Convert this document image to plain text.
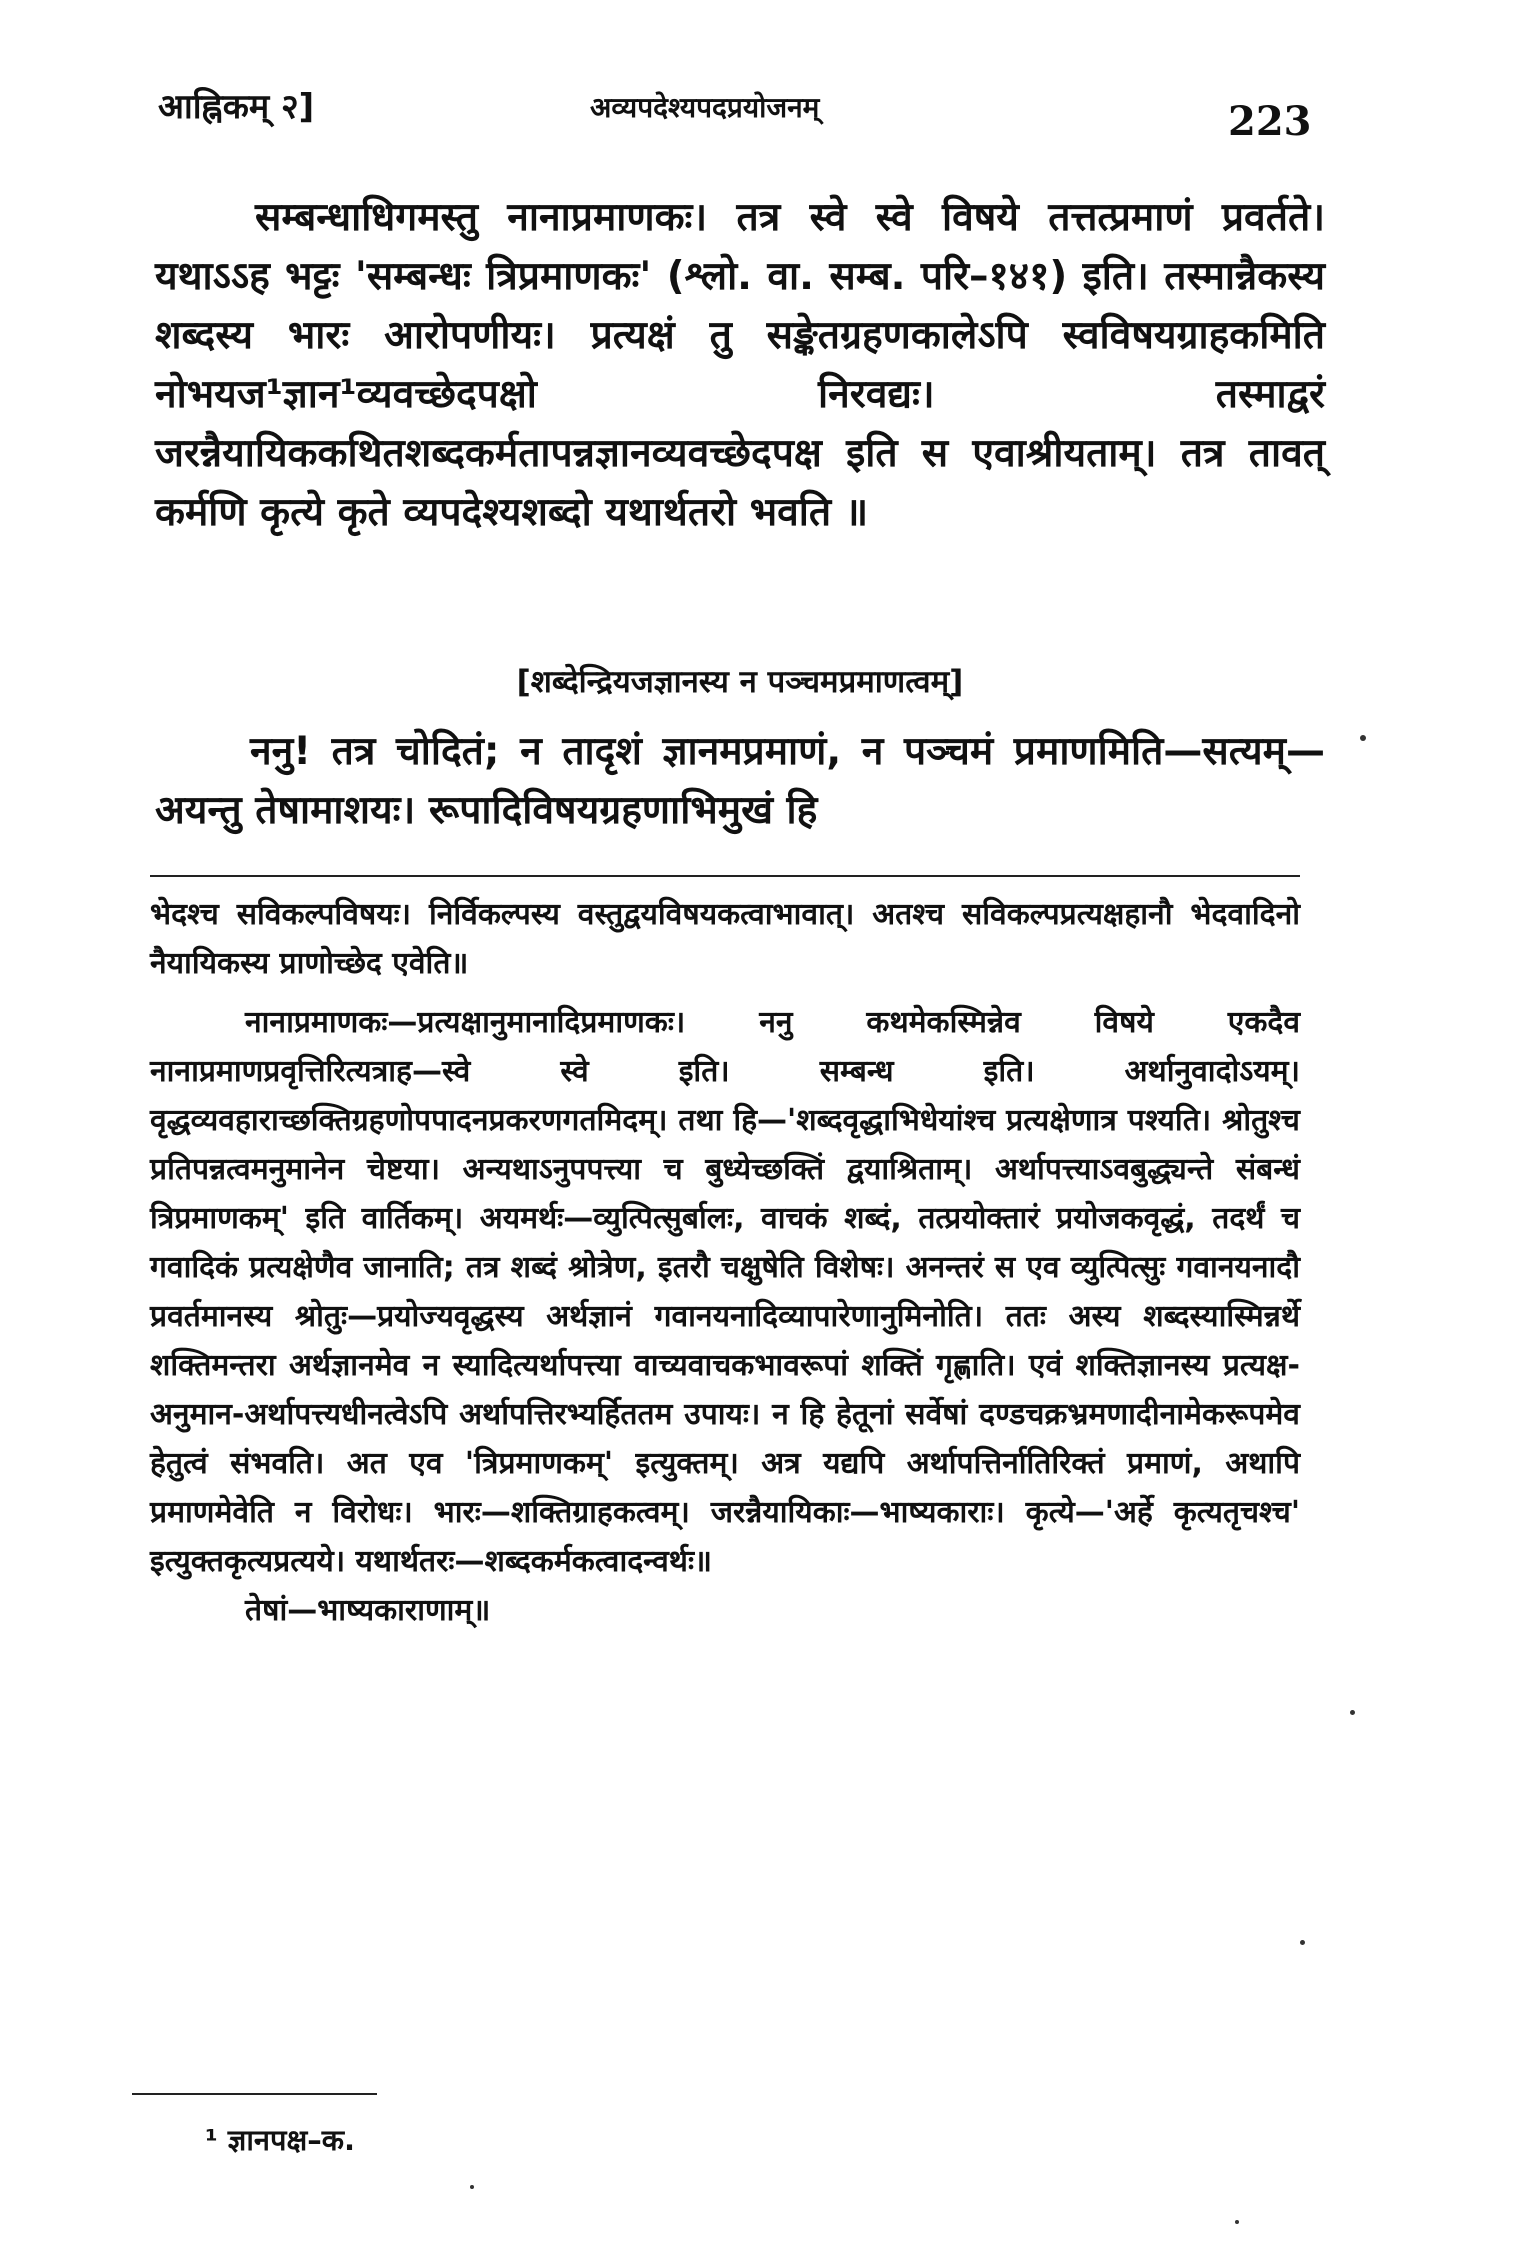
आह्निकम् २]	अव्यपदेश्यपदप्रयोजनम्	223

सम्बन्धाधिगमस्तु नानाप्रमाणकः। तत्र स्वे स्वे विषये तत्तत्प्रमाणं प्रवर्तते। यथाऽऽह भट्टः 'सम्बन्धः त्रिप्रमाणकः' (श्लो. वा. सम्ब. परि–१४१) इति। तस्मान्नैकस्य शब्दस्य भारः आरोपणीयः। प्रत्यक्षं तु सङ्केतग्रहणकालेऽपि स्वविषयग्राहकमिति नोभयज¹ज्ञान¹व्यवच्छेदपक्षो निरवद्यः। तस्माद्वरं जरन्नैयायिककथितशब्दकर्मतापन्नज्ञानव्यवच्छेदपक्ष इति स एवाश्रीयताम्। तत्र तावत् कर्मणि कृत्ये कृते व्यपदेश्यशब्दो यथार्थतरो भवति ॥

[शब्देन्द्रियजज्ञानस्य न पञ्चमप्रमाणत्वम्]

ननु! तत्र चोदितं; न तादृशं ज्ञानमप्रमाणं, न पञ्चमं प्रमाणमिति—सत्यम्—अयन्तु तेषामाशयः। रूपादिविषयग्रहणाभिमुखं हि

भेदश्च सविकल्पविषयः। निर्विकल्पस्य वस्तुद्वयविषयकत्वाभावात्। अतश्च सविकल्पप्रत्यक्षहानौ भेदवादिनो नैयायिकस्य प्राणोच्छेद एवेति॥

नानाप्रमाणकः—प्रत्यक्षानुमानादिप्रमाणकः। ननु कथमेकस्मिन्नेव विषये एकदैव नानाप्रमाणप्रवृत्तिरित्यत्राह—स्वे स्वे इति। सम्बन्ध इति। अर्थानुवादोऽयम्। वृद्धव्यवहाराच्छक्तिग्रहणोपपादनप्रकरणगतमिदम्। तथा हि—'शब्दवृद्धाभिधेयांश्च प्रत्यक्षेणात्र पश्यति। श्रोतुश्च प्रतिपन्नत्वमनुमानेन चेष्टया। अन्यथाऽनुपपत्त्या च बुध्येच्छक्तिं द्वयाश्रिताम्। अर्थापत्त्याऽवबुद्ध्यन्ते संबन्धं त्रिप्रमाणकम्' इति वार्तिकम्। अयमर्थः—व्युत्पित्सुर्बालः, वाचकं शब्दं, तत्प्रयोक्तारं प्रयोजकवृद्धं, तदर्थं च गवादिकं प्रत्यक्षेणैव जानाति; तत्र शब्दं श्रोत्रेण, इतरौ चक्षुषेति विशेषः। अनन्तरं स एव व्युत्पित्सुः गवानयनादौ प्रवर्तमानस्य श्रोतुः—प्रयोज्यवृद्धस्य अर्थज्ञानं गवानयनादिव्यापारेणानुमिनोति। ततः अस्य शब्दस्यास्मिन्नर्थे शक्तिमन्तरा अर्थज्ञानमेव न स्यादित्यर्थापत्त्या वाच्यवाचकभावरूपां शक्तिं गृह्णाति। एवं शक्तिज्ञानस्य प्रत्यक्ष-अनुमान-अर्थापत्त्यधीनत्वेऽपि अर्थापत्तिरभ्यर्हिततम उपायः। न हि हेतूनां सर्वेषां दण्डचक्रभ्रमणादीनामेकरूपमेव हेतुत्वं संभवति। अत एव 'त्रिप्रमाणकम्' इत्युक्तम्। अत्र यद्यपि अर्थापत्तिर्नातिरिक्तं प्रमाणं, अथापि प्रमाणमेवेति न विरोधः। भारः—शक्तिग्राहकत्वम्। जरन्नैयायिकाः—भाष्यकाराः। कृत्ये—'अर्हे कृत्यतृचश्च' इत्युक्तकृत्यप्रत्यये। यथार्थतरः—शब्दकर्मकत्वादन्वर्थः॥

तेषां—भाष्यकाराणाम्॥

¹ ज्ञानपक्ष–क.
